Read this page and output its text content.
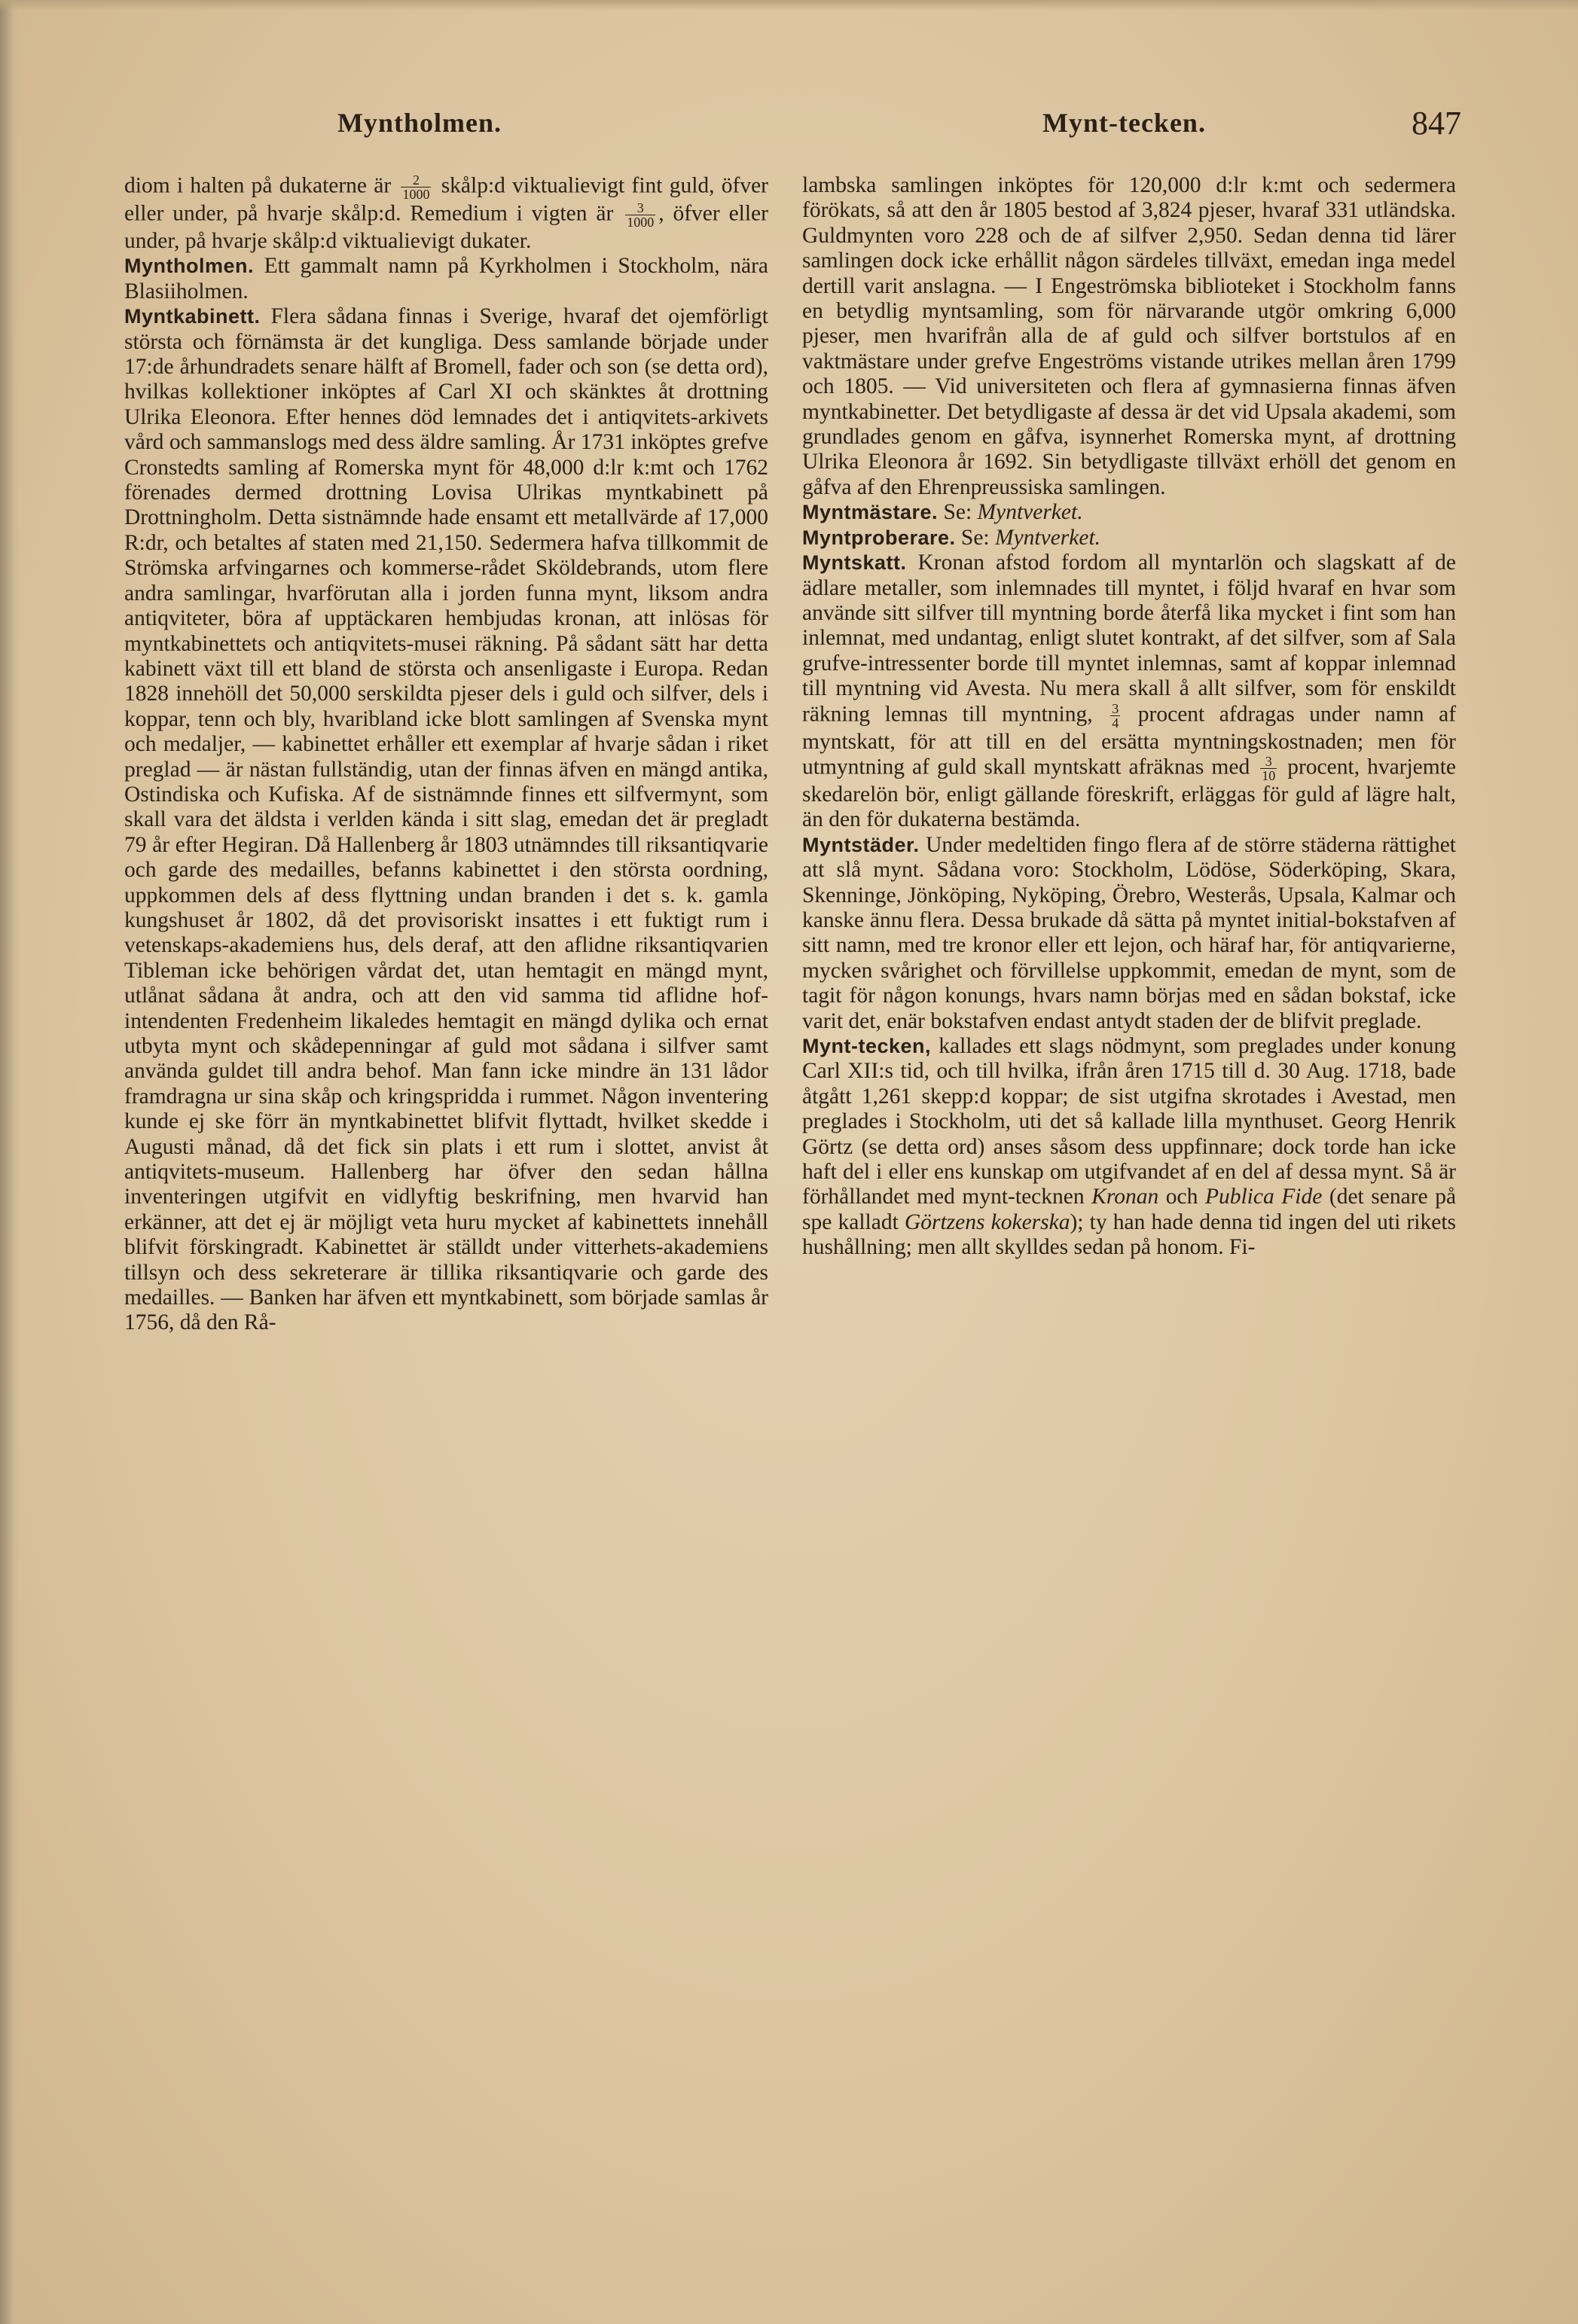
Myntholmen.	Mynt-tecken.	847

diom i halten på dukaterne är $\frac{2}{1000}$ skålp:d viktualievigt fint guld, öfver eller under, på hvarje skålp:d. Remedium i vigten är $\frac{3}{1000}$ , öfver eller under, på hvarje skålp:d viktualievigt dukater.

Myntholmen. Ett gammalt namn på Kyrkholmen i Stockholm, nära Blasiiholmen.

Myntkabinett. Flera sådana finnas i Sverige, hvaraf det ojemförligt största och förnämsta är det kungliga. Dess samlande började under 17:de århundradets senare hälft af Bromell, fader och son (se detta ord), hvilkas kollektioner inköptes af Carl XI och skänktes åt drottning Ulrika Eleonora. Efter hennes död lemnades det i antiqvitets-arkivets vård och sammanslogs med dess äldre samling. År 1731 inköptes grefve Cronstedts samling af Romerska mynt för 48,000 d:lr k:mt och 1762 förenades dermed drottning Lovisa Ulrikas myntkabinett på Drottningholm. Detta sistnämnde hade ensamt ett metallvärde af 17,000 R:dr, och betaltes af staten med 21,150. Sedermera hafva tillkommit de Strömska arfvingarnes och kommerse-rådet Sköldebrands, utom flere andra samlingar, hvarförutan alla i jorden funna mynt, liksom andra antiqviteter, böra af upptäckaren hembjudas kronan, att inlösas för myntkabinettets och antiqvitets-musei räkning. På sådant sätt har detta kabinett växt till ett bland de största och ansenligaste i Europa. Redan 1828 innehöll det 50,000 serskildta pjeser dels i guld och silfver, dels i koppar, tenn och bly, hvaribland icke blott samlingen af Svenska mynt och medaljer, — kabinettet erhåller ett exemplar af hvarje sådan i riket preglad — är nästan fullständig, utan der finnas äfven en mängd antika, Ostindiska och Kufiska. Af de sistnämnde finnes ett silfvermynt, som skall vara det äldsta i verlden kända i sitt slag, emedan det är pregladt 79 år efter Hegiran. Då Hallenberg år 1803 utnämndes till riksantiqvarie och garde des medailles, befanns kabinettet i den största oordning, uppkommen dels af dess flyttning undan branden i det s. k. gamla kungshuset år 1802, då det provisoriskt insattes i ett fuktigt rum i vetenskaps-akademiens hus, dels deraf, att den aflidne riksantiqvarien Tibleman icke behörigen vårdat det, utan hemtagit en mängd mynt, utlånat sådana åt andra, och att den vid samma tid aflidne hof-intendenten Fredenheim likaledes hemtagit en mängd dylika och ernat utbyta mynt och skådepenningar af guld mot sådana i silfver samt använda guldet till andra behof. Man fann icke mindre än 131 lådor framdragna ur sina skåp och kringspridda i rummet. Någon inventering kunde ej ske förr än myntkabinettet blifvit flyttadt, hvilket skedde i Augusti månad, då det fick sin plats i ett rum i slottet, anvist åt antiqvitets-museum. Hallenberg har öfver den sedan hållna inventeringen utgifvit en vidlyftig beskrifning, men hvarvid han erkänner, att det ej är möjligt veta huru mycket af kabinettets innehåll blifvit förskingradt. Kabinettet är ställdt under vitterhets-akademiens tillsyn och dess sekreterare är tillika riksantiqvarie och garde des medailles. — Banken har äfven ett myntkabinett, som började samlas år 1756, då den Rå-

lambska samlingen inköptes för 120,000 d:lr k:mt och sedermera förökats, så att den år 1805 bestod af 3,824 pjeser, hvaraf 331 utländska. Guldmynten voro 228 och de af silfver 2,950. Sedan denna tid lärer samlingen dock icke erhållit någon särdeles tillväxt, emedan inga medel dertill varit anslagna. — I Engeströmska biblioteket i Stockholm fanns en betydlig myntsamling, som för närvarande utgör omkring 6,000 pjeser, men hvarifrån alla de af guld och silfver bortstulos af en vaktmästare under grefve Engeströms vistande utrikes mellan åren 1799 och 1805. — Vid universiteten och flera af gymnasierna finnas äfven myntkabinetter. Det betydligaste af dessa är det vid Upsala akademi, som grundlades genom en gåfva, isynnerhet Romerska mynt, af drottning Ulrika Eleonora år 1692. Sin betydligaste tillväxt erhöll det genom en gåfva af den Ehrenpreussiska samlingen.

Myntmästare. Se: Myntverket.

Myntproberare. Se: Myntverket.

Myntskatt. Kronan afstod fordom all myntarlön och slagskatt af de ädlare metaller, som inlemnades till myntet, i följd hvaraf en hvar som använde sitt silfver till myntning borde återfå lika mycket i fint som han inlemnat, med undantag, enligt slutet kontrakt, af det silfver, som af Sala grufve-intressenter borde till myntet inlemnas, samt af koppar inlemnad till myntning vid Avesta. Nu mera skall å allt silfver, som för enskildt räkning lemnas till myntning, $\frac{3}{4}$ procent afdragas under namn af myntskatt, för att till en del ersätta myntningskostnaden; men för utmyntning af guld skall myntskatt afräknas med $\frac{3}{10}$ procent, hvarjemte skedarelön bör, enligt gällande föreskrift, erläggas för guld af lägre halt, än den för dukaterna bestämda.

Myntstäder. Under medeltiden fingo flera af de större städerna rättighet att slå mynt. Sådana voro: Stockholm, Lödöse, Söderköping, Skara, Skenninge, Jönköping, Nyköping, Örebro, Westerås, Upsala, Kalmar och kanske ännu flera. Dessa brukade då sätta på myntet initial-bokstafven af sitt namn, med tre kronor eller ett lejon, och häraf har, för antiqvarierne, mycken svårighet och förvillelse uppkommit, emedan de mynt, som de tagit för någon konungs, hvars namn börjas med en sådan bokstaf, icke varit det, enär bokstafven endast antydt staden der de blifvit preglade.

Mynt-tecken, kallades ett slags nödmynt, som preglades under konung Carl XII:s tid, och till hvilka, ifrån åren 1715 till d. 30 Aug. 1718, bade åtgått 1,261 skepp:d koppar; de sist utgifna skrotades i Avestad, men preglades i Stockholm, uti det så kallade lilla mynthuset. Georg Henrik Görtz (se detta ord) anses såsom dess uppfinnare; dock torde han icke haft del i eller ens kunskap om utgifvandet af en del af dessa mynt. Så är förhållandet med mynt-tecknen Kronan och Publica Fide (det senare på spe kalladt Görtzens kokerska); ty han hade denna tid ingen del uti rikets hushållning; men allt skylldes sedan på honom. Fi-
